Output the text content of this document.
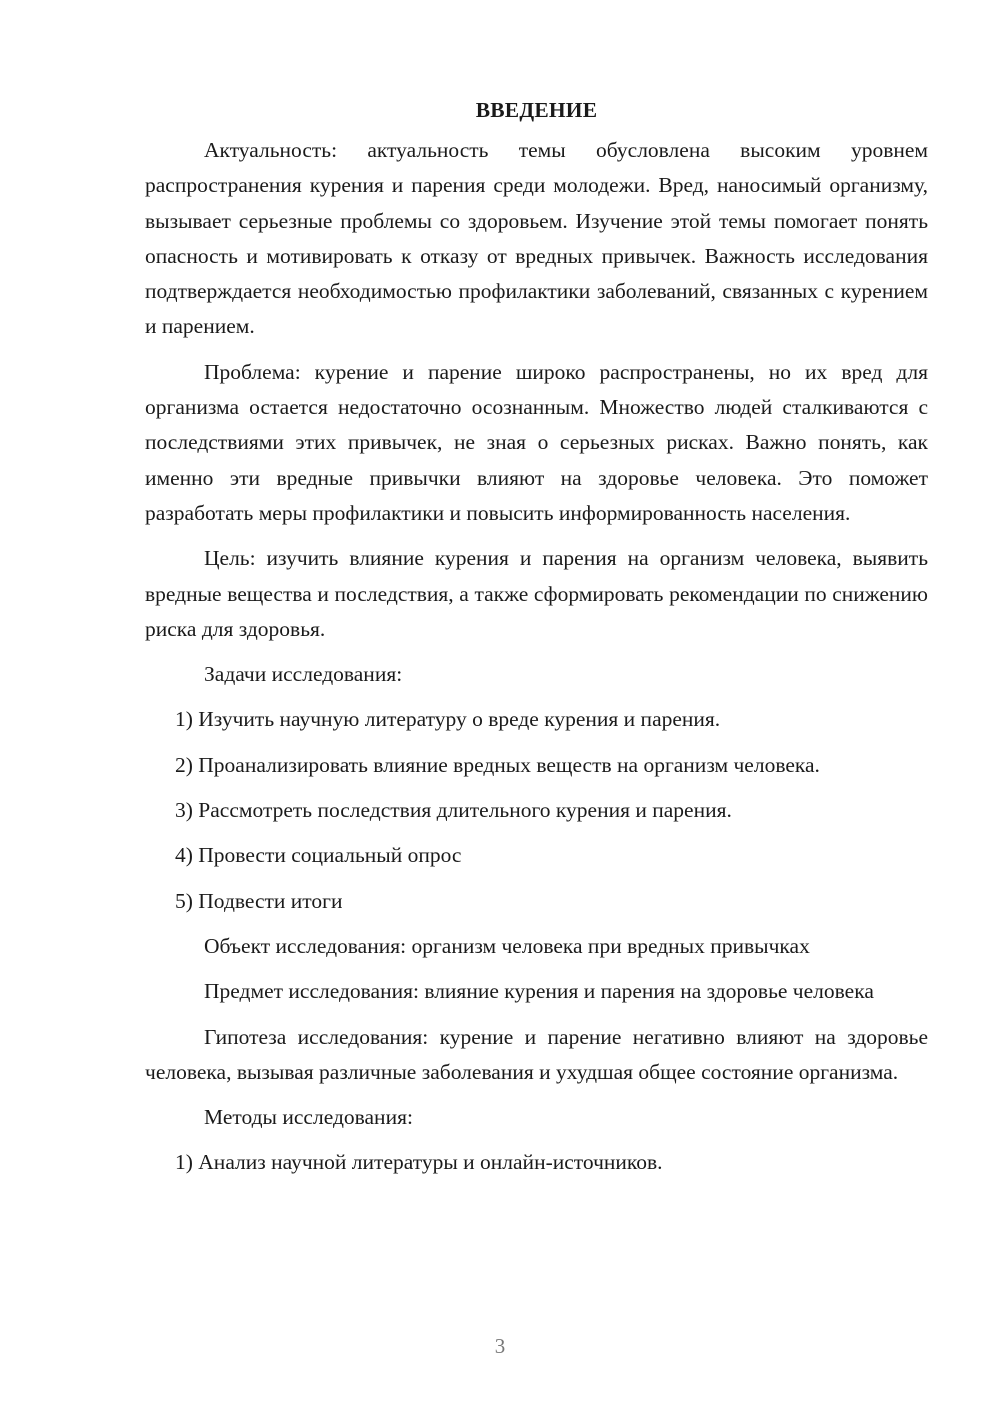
ВВЕДЕНИЕ
Актуальность: актуальность темы обусловлена высоким уровнем распространения курения и парения среди молодежи. Вред, наносимый организму, вызывает серьезные проблемы со здоровьем. Изучение этой темы помогает понять опасность и мотивировать к отказу от вредных привычек. Важность исследования подтверждается необходимостью профилактики заболеваний, связанных с курением и парением.
Проблема: курение и парение широко распространены, но их вред для организма остается недостаточно осознанным. Множество людей сталкиваются с последствиями этих привычек, не зная о серьезных рисках. Важно понять, как именно эти вредные привычки влияют на здоровье человека. Это поможет разработать меры профилактики и повысить информированность населения.
Цель: изучить влияние курения и парения на организм человека, выявить вредные вещества и последствия, а также сформировать рекомендации по снижению риска для здоровья.
Задачи исследования:
1) Изучить научную литературу о вреде курения и парения.
2) Проанализировать влияние вредных веществ на организм человека.
3) Рассмотреть последствия длительного курения и парения.
4) Провести социальный опрос
5) Подвести итоги
Объект исследования: организм человека при вредных привычках
Предмет исследования: влияние курения и парения на здоровье человека
Гипотеза исследования: курение и парение негативно влияют на здоровье человека, вызывая различные заболевания и ухудшая общее состояние организма.
Методы исследования:
1) Анализ научной литературы и онлайн-источников.
3
